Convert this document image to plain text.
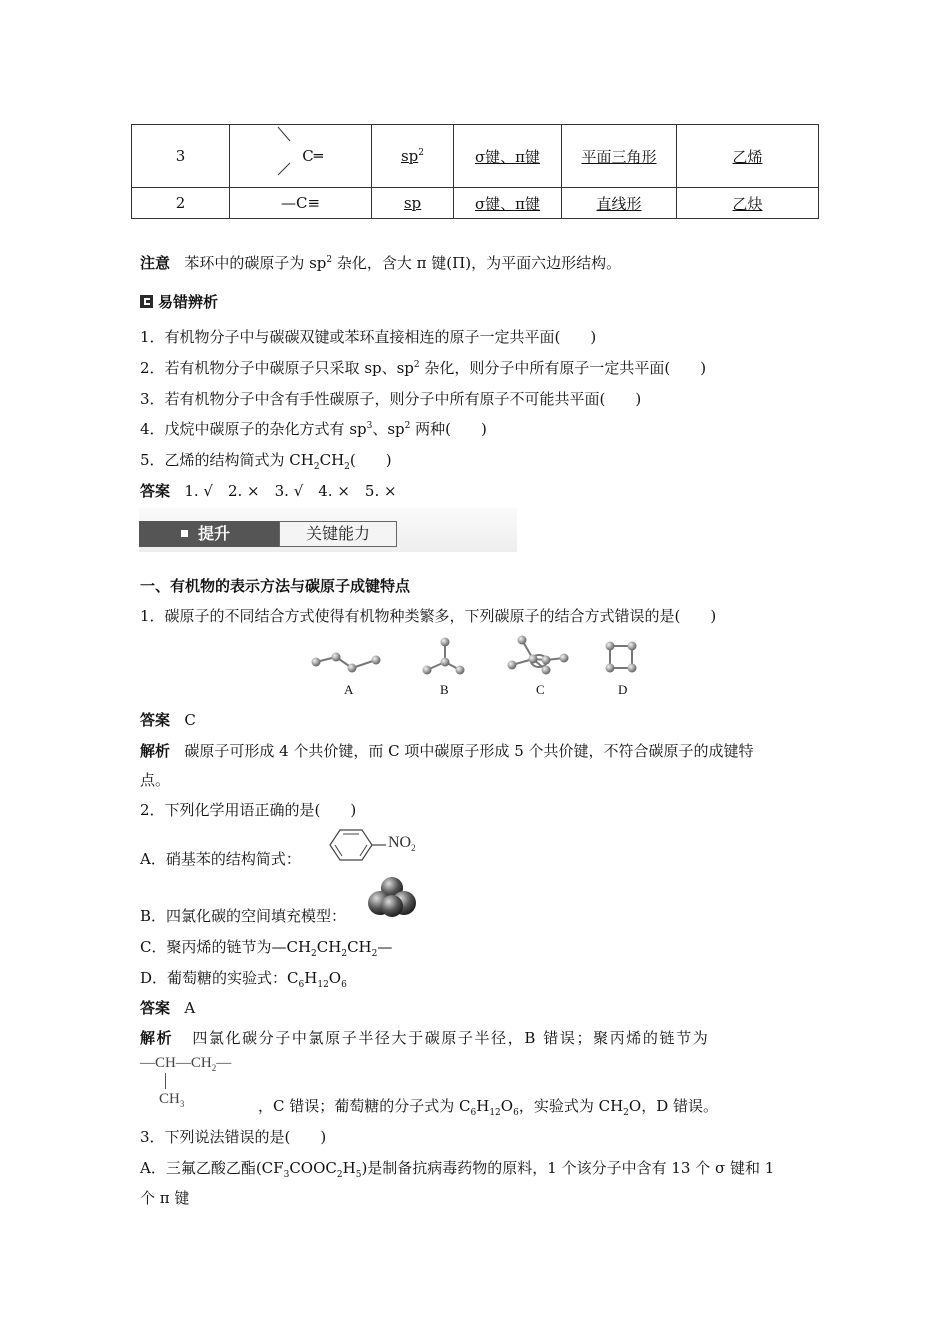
3	C═	$sp^2$	σ键、π键	平面三角形	乙烯
2	—C≡	sp	σ键、π键	直线形	乙炔
注意 苯环中的碳原子为 $sp^2$ 杂化，含大 π 键(Π)，为平面六边形结构。
易错辨析
1．有机物分子中与碳碳双键或苯环直接相连的原子一定共平面(　　)
2．若有机物分子中碳原子只采取 sp、$sp^2$ 杂化，则分子中所有原子一定共平面(　　)
3．若有机物分子中含有手性碳原子，则分子中所有原子不可能共平面(　　)
4．戊烷中碳原子的杂化方式有 $sp^3$、$sp^2$ 两种(　　)
5．乙烯的结构简式为 $CH_2CH_2$(　　)
答案 1. √　2. ×　3. √　4. ×　5. ×
提升	关键能力
一、有机物的表示方法与碳原子成键特点
1．碳原子的不同结合方式使得有机物种类繁多，下列碳原子的结合方式错误的是(　　)
A	B	C	D
答案 C
解析 碳原子可形成 4 个共价键，而 C 项中碳原子形成 5 个共价键，不符合碳原子的成键特
点。
2．下列化学用语正确的是(　　)
A．硝基苯的结构简式：
$NO_2$
B．四氯化碳的空间填充模型：
C．聚丙烯的链节为$—CH_2CH_2CH_2—$
D．葡萄糖的实验式：$C_6H_{12}O_6$
答案 A
解析 四氯化碳分子中氯原子半径大于碳原子半径，B 错误；聚丙烯的链节为
$—CH—CH_2—$
$CH_3$	，C 错误；葡萄糖的分子式为 $C_6H_{12}O_6$，实验式为 $CH_2O$，D 错误。
3．下列说法错误的是(　　)
A．三氟乙酸乙酯$(CF_3COOC_2H_5)$是制备抗病毒药物的原料，1 个该分子中含有 13 个 σ 键和 1
个 π 键
